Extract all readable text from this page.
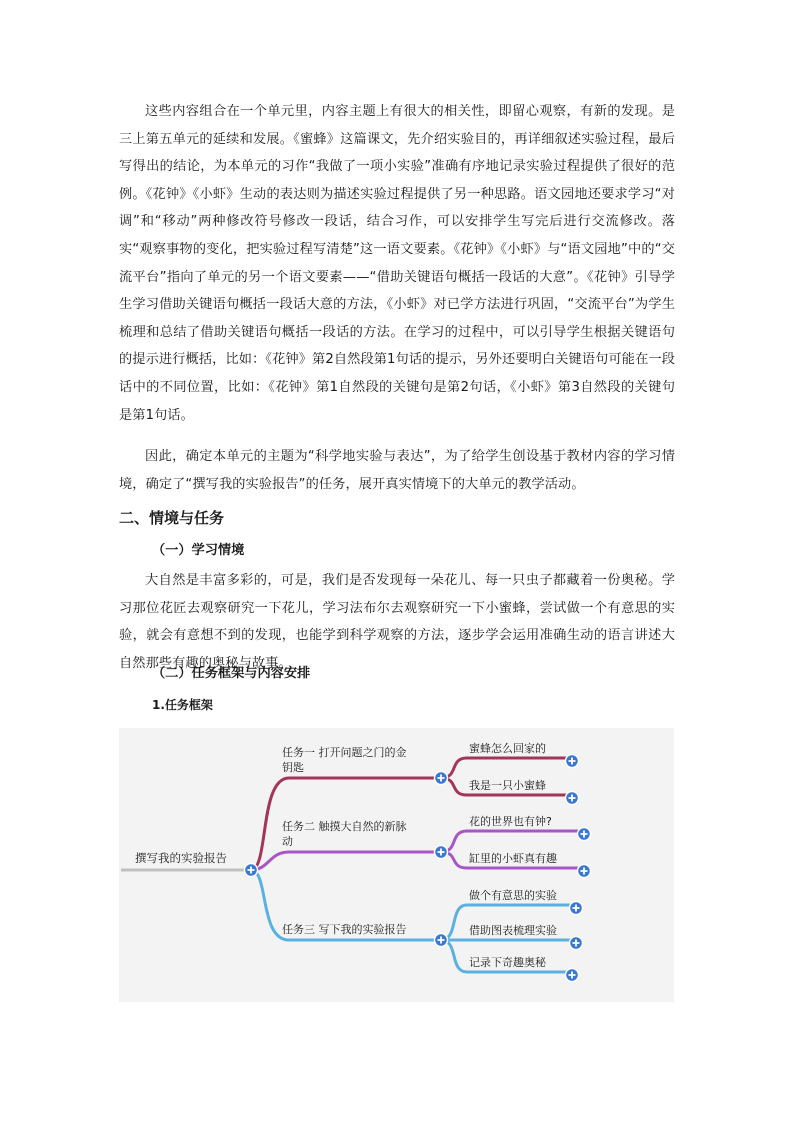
这些内容组合在一个单元里，内容主题上有很大的相关性，即留心观察，有新的发现。是三上第五单元的延续和发展。《蜜蜂》这篇课文，先介绍实验目的，再详细叙述实验过程，最后写得出的结论，为本单元的习作“我做了一项小实验”准确有序地记录实验过程提供了很好的范例。《花钟》《小虾》生动的表达则为描述实验过程提供了另一种思路。语文园地还要求学习“对调”和“移动”两种修改符号修改一段话，结合习作，可以安排学生写完后进行交流修改。落实“观察事物的变化，把实验过程写清楚”这一语文要素。《花钟》《小虾》与“语文园地”中的“交流平台”指向了单元的另一个语文要素——“借助关键语句概括一段话的大意”。《花钟》引导学生学习借助关键语句概括一段话大意的方法，《小虾》对已学方法进行巩固，“交流平台”为学生梳理和总结了借助关键语句概括一段话的方法。在学习的过程中，可以引导学生根据关键语句的提示进行概括，比如：《花钟》第2自然段第1句话的提示，另外还要明白关键语句可能在一段话中的不同位置，比如：《花钟》第1自然段的关键句是第2句话，《小虾》第3自然段的关键句是第1句话。

因此，确定本单元的主题为“科学地实验与表达”，为了给学生创设基于教材内容的学习情境，确定了“撰写我的实验报告”的任务，展开真实情境下的大单元的教学活动。

二、情境与任务
（一）学习情境

大自然是丰富多彩的，可是，我们是否发现每一朵花儿、每一只虫子都藏着一份奥秘。学习那位花匠去观察研究一下花儿，学习法布尔去观察研究一下小蜜蜂，尝试做一个有意思的实验，就会有意想不到的发现，也能学到科学观察的方法，逐步学会运用准确生动的语言讲述大自然那些有趣的奥秘与故事。

（二）任务框架与内容安排
1.任务框架
撰写我的实验报告
任务一 打开问题之门的金
钥匙
任务二 触摸大自然的新脉
动
任务三 写下我的实验报告
蜜蜂怎么回家的
我是一只小蜜蜂
花的世界也有钟?
缸里的小虾真有趣
做个有意思的实验
借助图表梳理实验
记录下奇趣奥秘
